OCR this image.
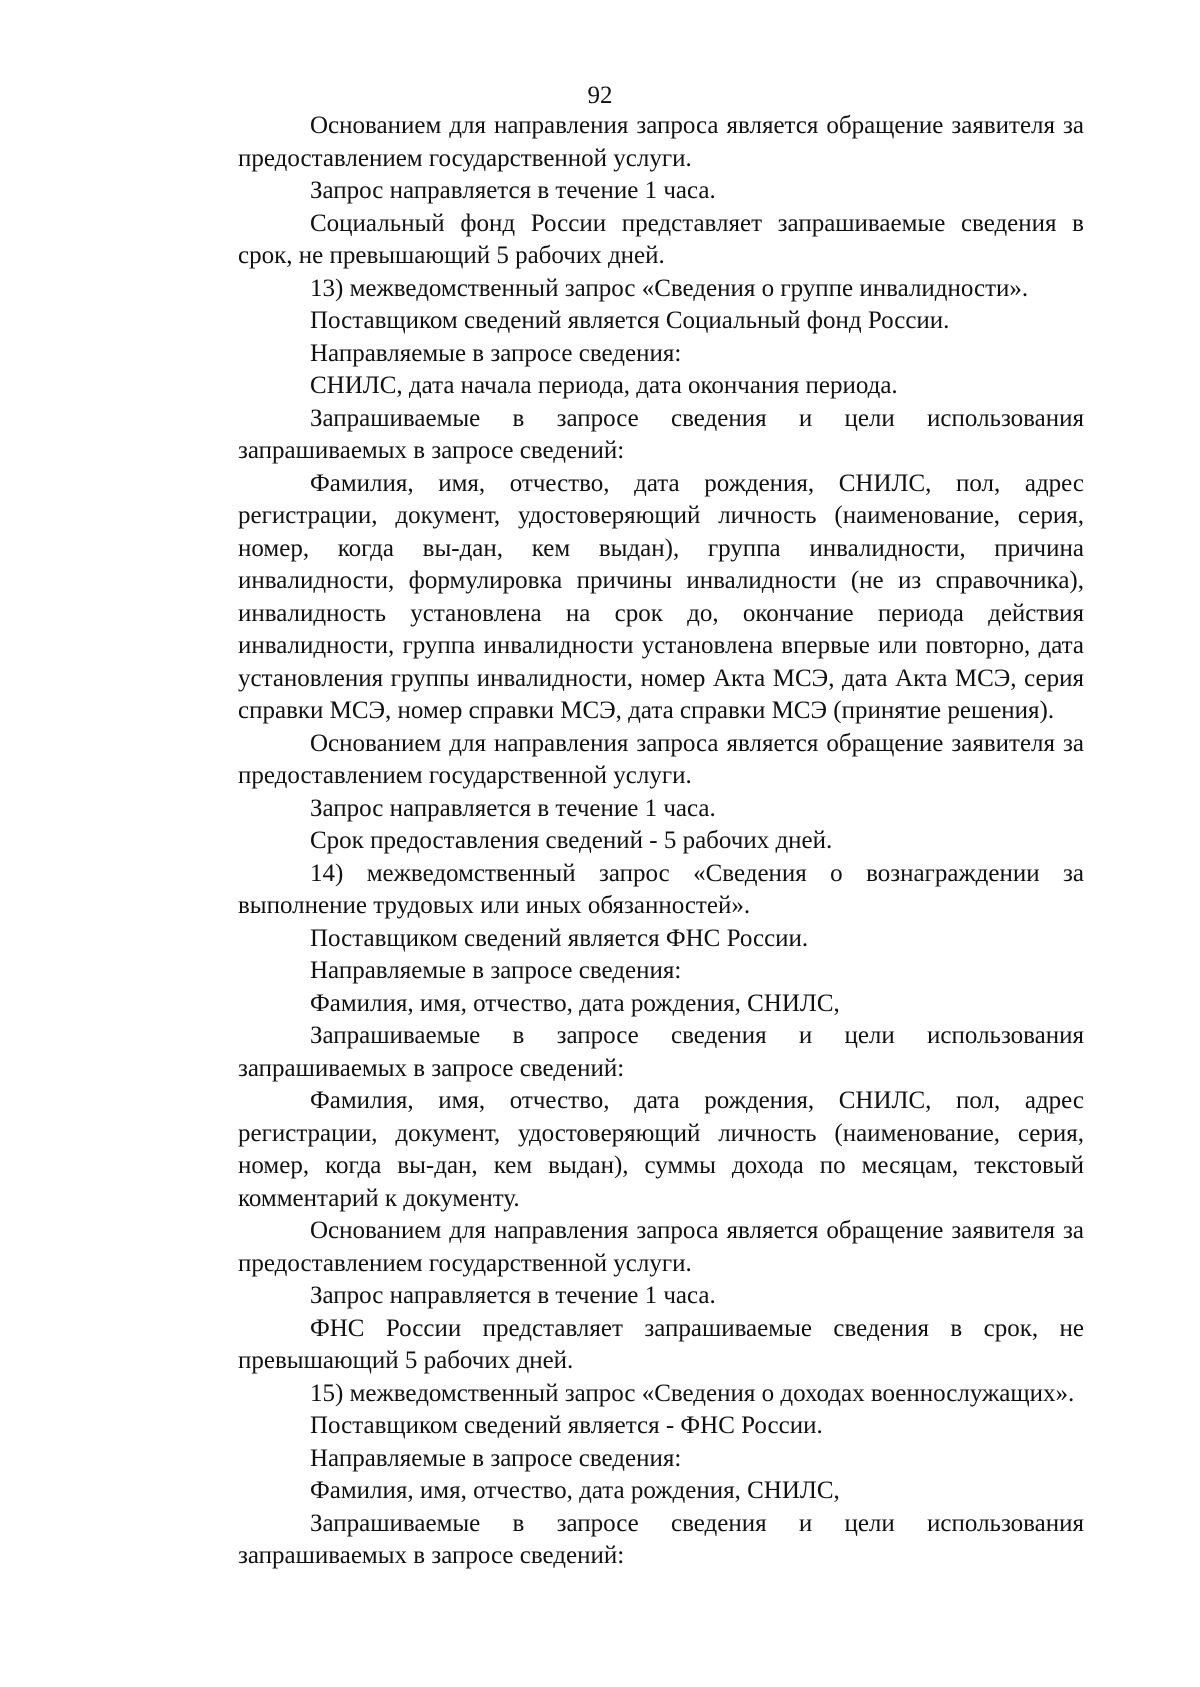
92

Основанием для направления запроса является обращение заявителя за предоставлением государственной услуги.

Запрос направляется в течение 1 часа.

Социальный фонд России представляет запрашиваемые сведения в срок, не превышающий 5 рабочих дней.

13) межведомственный запрос «Сведения о группе инвалидности».

Поставщиком сведений является Социальный фонд России.

Направляемые в запросе сведения:

СНИЛС, дата начала периода, дата окончания периода.

Запрашиваемые в запросе сведения и цели использования запрашиваемых в запросе сведений:

Фамилия, имя, отчество, дата рождения, СНИЛС, пол, адрес регистрации, документ, удостоверяющий личность (наименование, серия, номер, когда вы-дан, кем выдан), группа инвалидности, причина инвалидности, формулировка причины инвалидности (не из справочника), инвалидность установлена на срок до, окончание периода действия инвалидности, группа инвалидности установлена впервые или повторно, дата установления группы инвалидности, номер Акта МСЭ, дата Акта МСЭ, серия справки МСЭ, номер справки МСЭ, дата справки МСЭ (принятие решения).

Основанием для направления запроса является обращение заявителя за предоставлением государственной услуги.

Запрос направляется в течение 1 часа.

Срок предоставления сведений - 5 рабочих дней.

14) межведомственный запрос «Сведения о вознаграждении за выполнение трудовых или иных обязанностей».

Поставщиком сведений является ФНС России.

Направляемые в запросе сведения:

Фамилия, имя, отчество, дата рождения, СНИЛС,

Запрашиваемые в запросе сведения и цели использования запрашиваемых в запросе сведений:

Фамилия, имя, отчество, дата рождения, СНИЛС, пол, адрес регистрации, документ, удостоверяющий личность (наименование, серия, номер, когда вы-дан, кем выдан), суммы дохода по месяцам, текстовый комментарий к документу.

Основанием для направления запроса является обращение заявителя за предоставлением государственной услуги.

Запрос направляется в течение 1 часа.

ФНС России представляет запрашиваемые сведения в срок, не превышающий 5 рабочих дней.

15) межведомственный запрос «Сведения о доходах военнослужащих».

Поставщиком сведений является - ФНС России.

Направляемые в запросе сведения:

Фамилия, имя, отчество, дата рождения, СНИЛС,

Запрашиваемые в запросе сведения и цели использования запрашиваемых в запросе сведений:
